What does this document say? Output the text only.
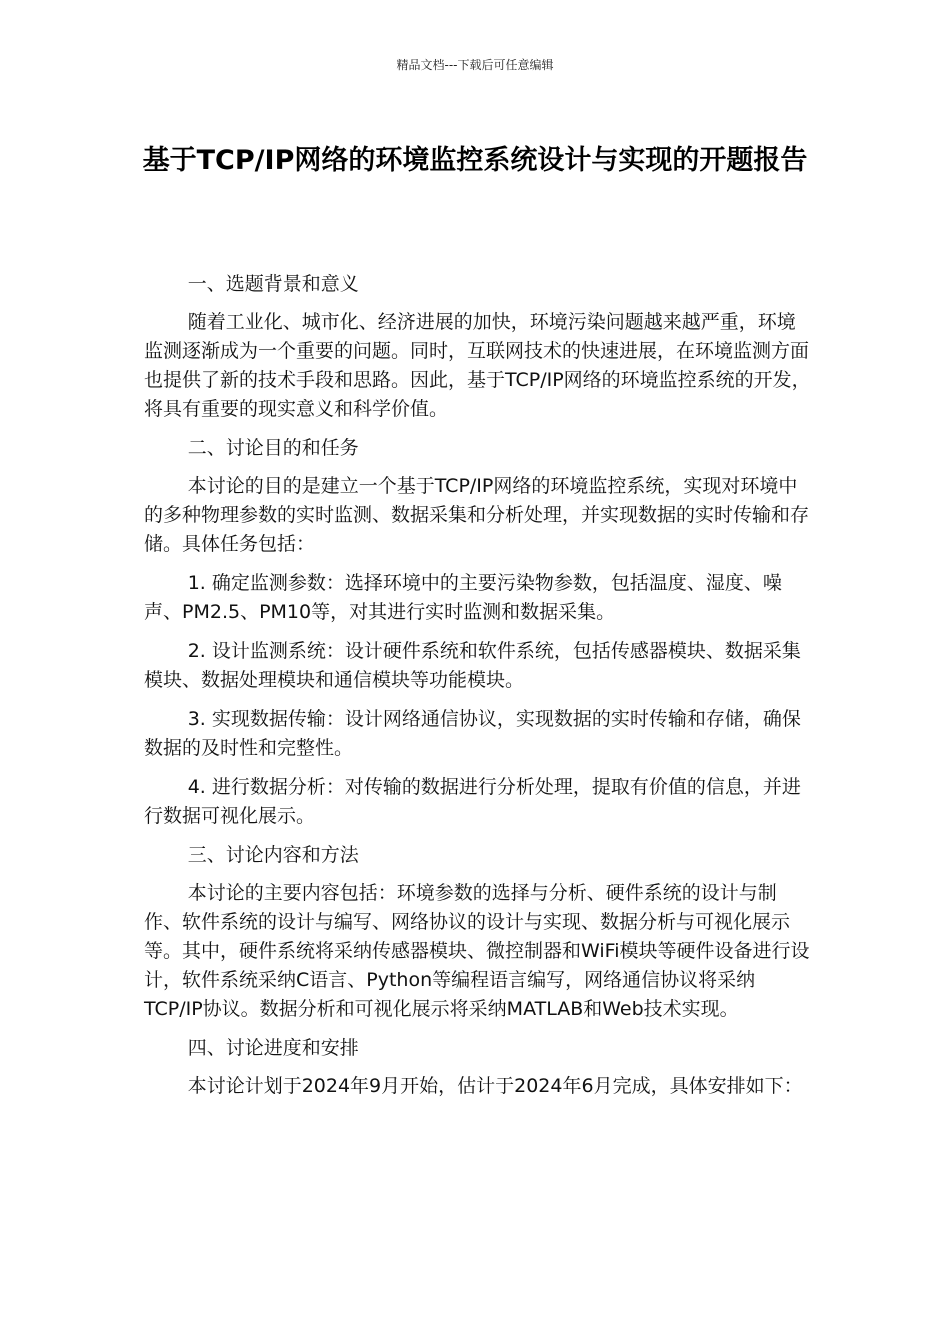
精品文档---下载后可任意编辑
基于TCP/IP网络的环境监控系统设计与实现的开题报告

一、选题背景和意义

随着工业化、城市化、经济进展的加快，环境污染问题越来越严重，环境监测逐渐成为一个重要的问题。同时，互联网技术的快速进展，在环境监测方面也提供了新的技术手段和思路。因此，基于TCP/IP网络的环境监控系统的开发，将具有重要的现实意义和科学价值。

二、讨论目的和任务

本讨论的目的是建立一个基于TCP/IP网络的环境监控系统，实现对环境中的多种物理参数的实时监测、数据采集和分析处理，并实现数据的实时传输和存储。具体任务包括：

1. 确定监测参数：选择环境中的主要污染物参数，包括温度、湿度、噪声、PM2.5、PM10等，对其进行实时监测和数据采集。

2. 设计监测系统：设计硬件系统和软件系统，包括传感器模块、数据采集模块、数据处理模块和通信模块等功能模块。

3. 实现数据传输：设计网络通信协议，实现数据的实时传输和存储，确保数据的及时性和完整性。

4. 进行数据分析：对传输的数据进行分析处理，提取有价值的信息，并进行数据可视化展示。

三、讨论内容和方法

本讨论的主要内容包括：环境参数的选择与分析、硬件系统的设计与制作、软件系统的设计与编写、网络协议的设计与实现、数据分析与可视化展示等。其中，硬件系统将采纳传感器模块、微控制器和WiFi模块等硬件设备进行设计，软件系统采纳C语言、Python等编程语言编写，网络通信协议将采纳TCP/IP协议。数据分析和可视化展示将采纳MATLAB和Web技术实现。

四、讨论进度和安排

本讨论计划于2024年9月开始，估计于2024年6月完成，具体安排如下：
